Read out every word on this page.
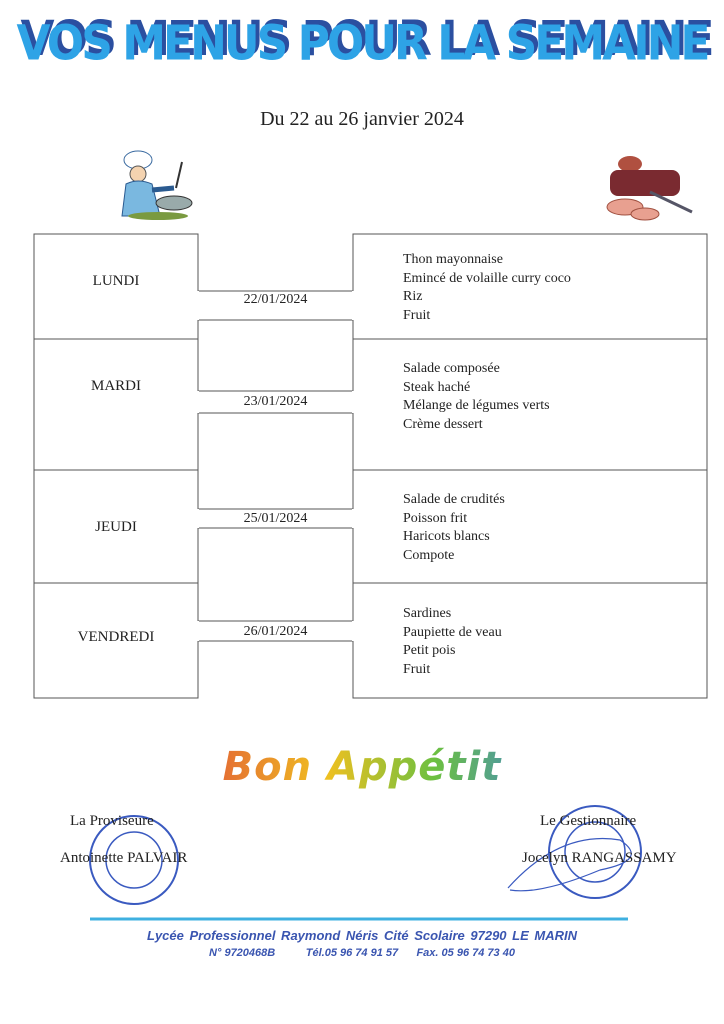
VOS MENUS POUR LA SEMAINE
Du 22 au 26 janvier 2024
LUNDI
MARDI
JEUDI
VENDREDI
22/01/2024
23/01/2024
25/01/2024
26/01/2024
Thon mayonnaise
Emincé de volaille curry coco
Riz
Fruit
Salade composée
Steak haché
Mélange de légumes verts
Crème dessert
Salade de crudités
Poisson frit
Haricots blancs
Compote
Sardines
Paupiette de veau
Petit pois
Fruit
Bon Appétit
La Proviseure
Antoinette PALVAIR
Le Gestionnaire
Jocelyn RANGASSAMY
Lycée Professionnel Raymond Néris Cité Scolaire 97290 LE MARIN
N° 9720468B          Tél.05 96 74 91 57      Fax. 05 96 74 73 40
